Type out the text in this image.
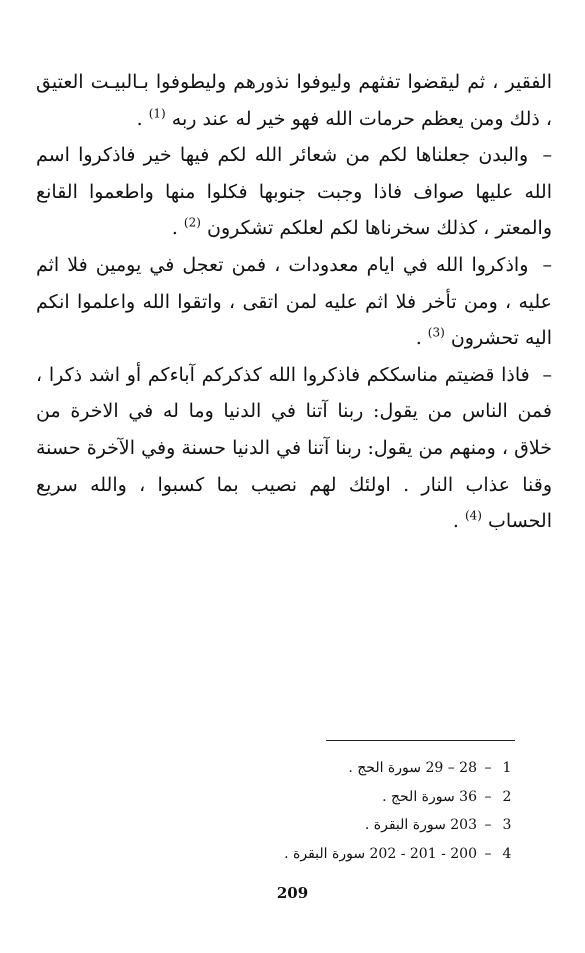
الفقير ، ثم ليقضوا تفثهم وليوفوا نذورهم وليطوفوا بـالبيـت العتيق ، ذلك ومن يعظم حرمات الله فهو خير له عند ربه $^{(1)}$ .

– والبدن جعلناها لكم من شعائر الله لكم فيها خير فاذكروا اسم الله عليها صواف فاذا وجبت جنوبها فكلوا منها واطعموا القانع والمعتر ، كذلك سخرناها لكم لعلكم تشكرون $^{(2)}$ .

– واذكروا الله في ايام معدودات ، فمن تعجل في يومين فلا اثم عليه ، ومن تأخر فلا اثم عليه لمن اتقى ، واتقوا الله واعلموا انكم اليه تحشرون $^{(3)}$ .

– فاذا قضيتم مناسككم فاذكروا الله كذكركم آباءكم أو اشد ذكرا ، فمن الناس من يقول: ربنا آتنا في الدنيا وما له في الاخرة من خلاق ، ومنهم من يقول: ربنا آتنا في الدنيا حسنة وفي الآخرة حسنة وقنا عذاب النار . اولئك لهم نصيب بما كسبوا ، والله سريع الحساب $^{(4)}$ .

1
–
28 – 29 سورة الحج .
2
–
36 سورة الحج .
3
–
203 سورة البقرة .
4
–
200 - 201 - 202 سورة البقرة .
209
